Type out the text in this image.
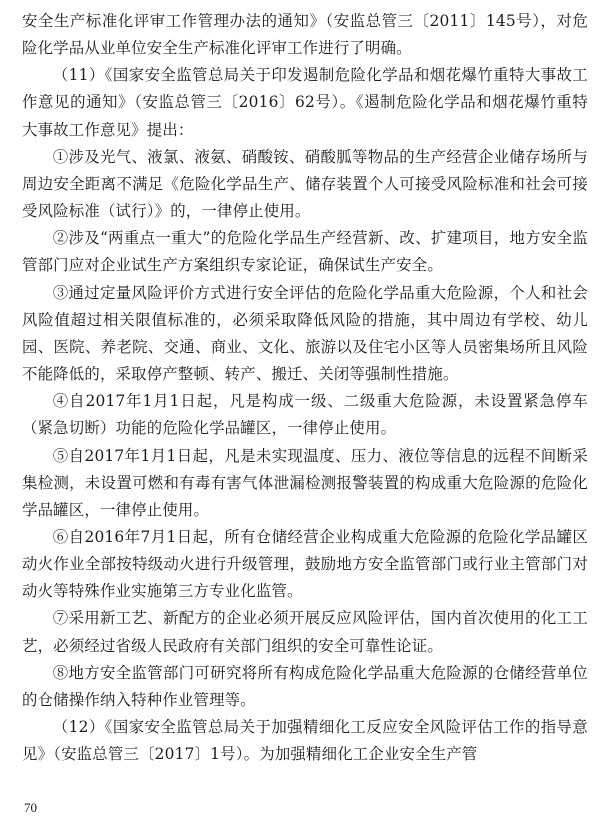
安全生产标准化评审工作管理办法的通知》（安监总管三〔2011〕145号），对危险化学品从业单位安全生产标准化评审工作进行了明确。

（11）《国家安全监管总局关于印发遏制危险化学品和烟花爆竹重特大事故工作意见的通知》（安监总管三〔2016〕62号）。《遏制危险化学品和烟花爆竹重特大事故工作意见》提出：

①涉及光气、液氯、液氨、硝酸铵、硝酸胍等物品的生产经营企业储存场所与周边安全距离不满足《危险化学品生产、储存装置个人可接受风险标准和社会可接受风险标准（试行）》的，一律停止使用。

②涉及“两重点一重大”的危险化学品生产经营新、改、扩建项目，地方安全监管部门应对企业试生产方案组织专家论证，确保试生产安全。

③通过定量风险评价方式进行安全评估的危险化学品重大危险源，个人和社会风险值超过相关限值标准的，必须采取降低风险的措施，其中周边有学校、幼儿园、医院、养老院、交通、商业、文化、旅游以及住宅小区等人员密集场所且风险不能降低的，采取停产整顿、转产、搬迁、关闭等强制性措施。

④自2017年1月1日起，凡是构成一级、二级重大危险源，未设置紧急停车（紧急切断）功能的危险化学品罐区，一律停止使用。

⑤自2017年1月1日起，凡是未实现温度、压力、液位等信息的远程不间断采集检测，未设置可燃和有毒有害气体泄漏检测报警装置的构成重大危险源的危险化学品罐区，一律停止使用。

⑥自2016年7月1日起，所有仓储经营企业构成重大危险源的危险化学品罐区动火作业全部按特级动火进行升级管理，鼓励地方安全监管部门或行业主管部门对动火等特殊作业实施第三方专业化监管。

⑦采用新工艺、新配方的企业必须开展反应风险评估，国内首次使用的化工工艺，必须经过省级人民政府有关部门组织的安全可靠性论证。

⑧地方安全监管部门可研究将所有构成危险化学品重大危险源的仓储经营单位的仓储操作纳入特种作业管理等。

（12）《国家安全监管总局关于加强精细化工反应安全风险评估工作的指导意见》（安监总管三〔2017〕1号）。为加强精细化工企业安全生产管

70
